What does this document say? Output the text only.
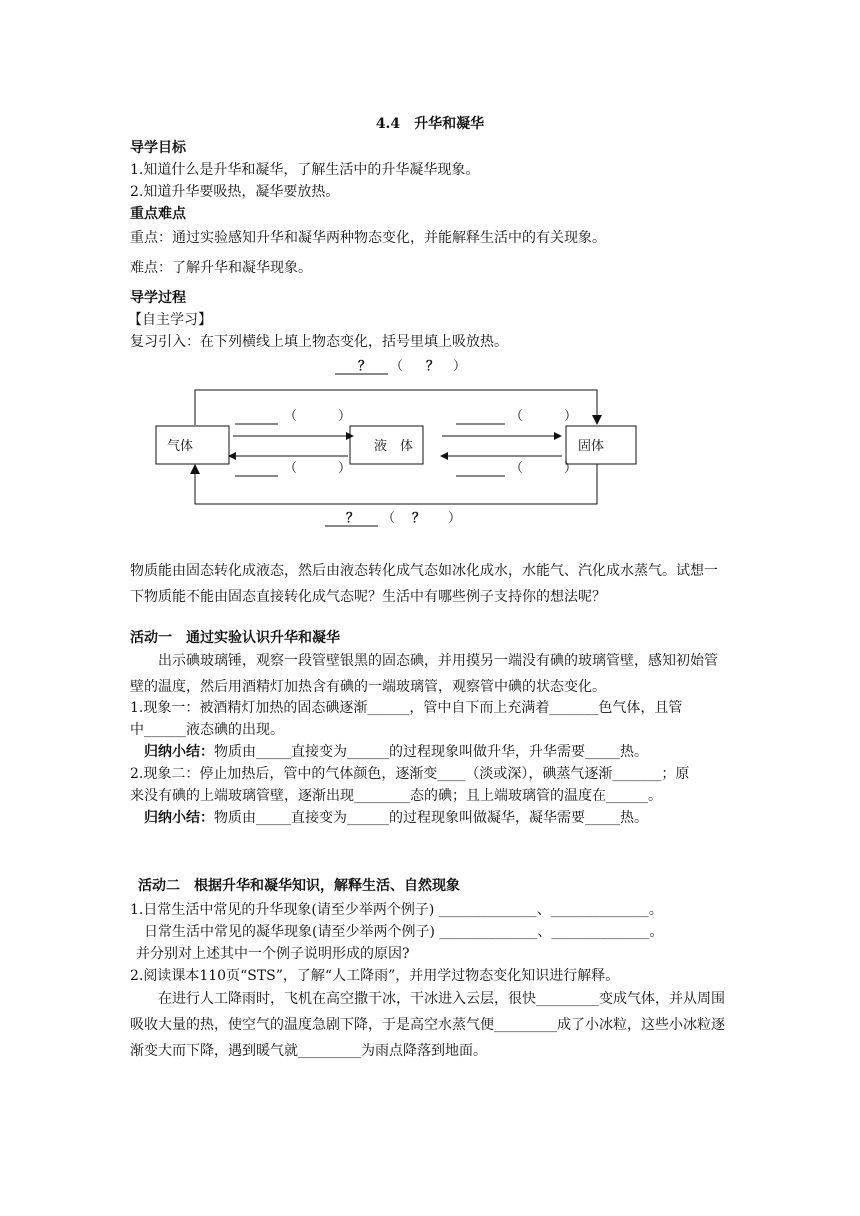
4.4　升华和凝华
导学目标
1.知道什么是升华和凝华，了解生活中的升华凝华现象。
2.知道升华要吸热，凝华要放热。
重点难点
重点：通过实验感知升华和凝华两种物态变化，并能解释生活中的有关现象。
难点：了解升华和凝华现象。
导学过程
【自主学习】
复习引入：在下列横线上填上物态变化，括号里填上吸放热。
？ （ ？ ）
气体	液　体	固体
（	）
（	）
（	）
（	）
？ （ ？ ）
物质能由固态转化成液态，然后由液态转化成气态如冰化成水，水能气、汽化成水蒸气。试想一下物质能不能由固态直接转化成气态呢？生活中有哪些例子支持你的想法呢？
活动一　通过实验认识升华和凝华
出示碘玻璃锤，观察一段管壁银黑的固态碘，并用摸另一端没有碘的玻璃管壁，感知初始管壁的温度，然后用酒精灯加热含有碘的一端玻璃管，观察管中碘的状态变化。
1.现象一：被酒精灯加热的固态碘逐渐______，管中自下而上充满着_______色气体，且管
中______液态碘的出现。
归纳小结：物质由_____直接变为______的过程现象叫做升华，升华需要_____热。
2.现象二：停止加热后，管中的气体颜色，逐渐变____（淡或深），碘蒸气逐渐_______；原
来没有碘的上端玻璃管壁，逐渐出现________态的碘；且上端玻璃管的温度在______。
归纳小结：物质由_____直接变为______的过程现象叫做凝华，凝华需要_____热。
活动二　根据升华和凝华知识，解释生活、自然现象
1.日常生活中常见的升华现象(请至少举两个例子) ______________、______________。
日常生活中常见的凝华现象(请至少举两个例子) ______________、______________。
并分别对上述其中一个例子说明形成的原因?
2.阅读课本110页“STS”，了解“人工降雨”，并用学过物态变化知识进行解释。
在进行人工降雨时，飞机在高空撒干冰，干冰进入云层，很快_________变成气体，并从周围吸收大量的热，使空气的温度急剧下降，于是高空水蒸气便_________成了小冰粒，这些小冰粒逐渐变大而下降，遇到暖气就_________为雨点降落到地面。
